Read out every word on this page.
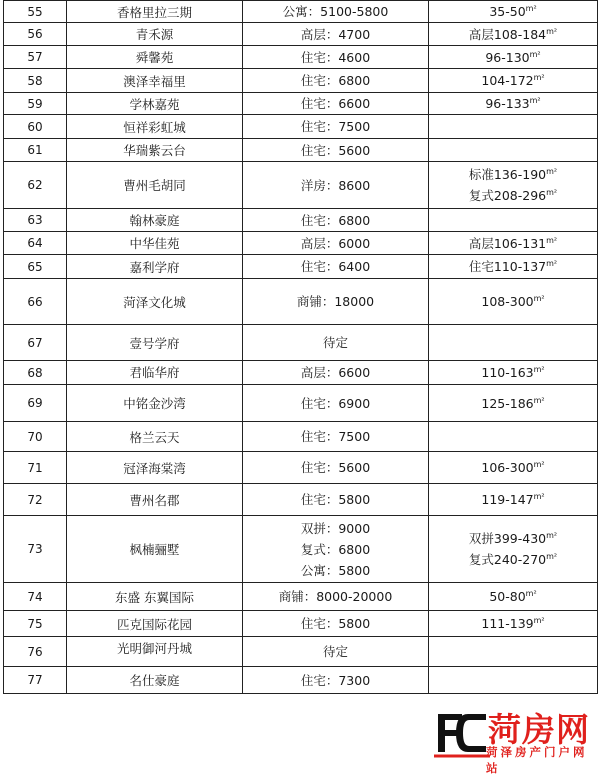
55	香格里拉三期	公寓：5100-5800	$35-50^{m^2}$

56	青禾源	高层：4700	高层$108-184^{m^2}$

57	舜馨苑	住宅：4600	$96-130^{m^2}$

58	澳泽幸福里	住宅：6800	$104-172^{m^2}$

59	学林嘉苑	住宅：6600	$96-133^{m^2}$

60	恒祥彩虹城	住宅：7500	

61	华瑞紫云台	住宅：5600	

62	曹州毛胡同	洋房：8600	标准$136-190^{m^2}$
复式$208-296^{m^2}$

63	翰林豪庭	住宅：6800	

64	中华佳苑	高层：6000	高层$106-131^{m^2}$

65	嘉利学府	住宅：6400	住宅$110-137^{m^2}$

66	菏泽文化城	商铺：18000	$108-300^{m^2}$

67	壹号学府	待定	

68	君临华府	高层：6600	$110-163^{m^2}$

69	中铭金沙湾	住宅：6900	$125-186^{m^2}$

70	格兰云天	住宅：7500	

71	冠泽海棠湾	住宅：5600	$106-300^{m^2}$

72	曹州名郡	住宅：5800	$119-147^{m^2}$

73	枫楠骊墅	双拼：9000
复式：6800
公寓：5800	双拼$399-430^{m^2}$
复式$240-270^{m^2}$

74	东盛 东翼国际	商铺：8000-20000	$50-80^{m^2}$

75	匹克国际花园	住宅：5800	$111-139^{m^2}$

76	光明御河丹城	待定	

77	名仕豪庭	住宅：7300	

菏房网
菏泽房产门户网站
